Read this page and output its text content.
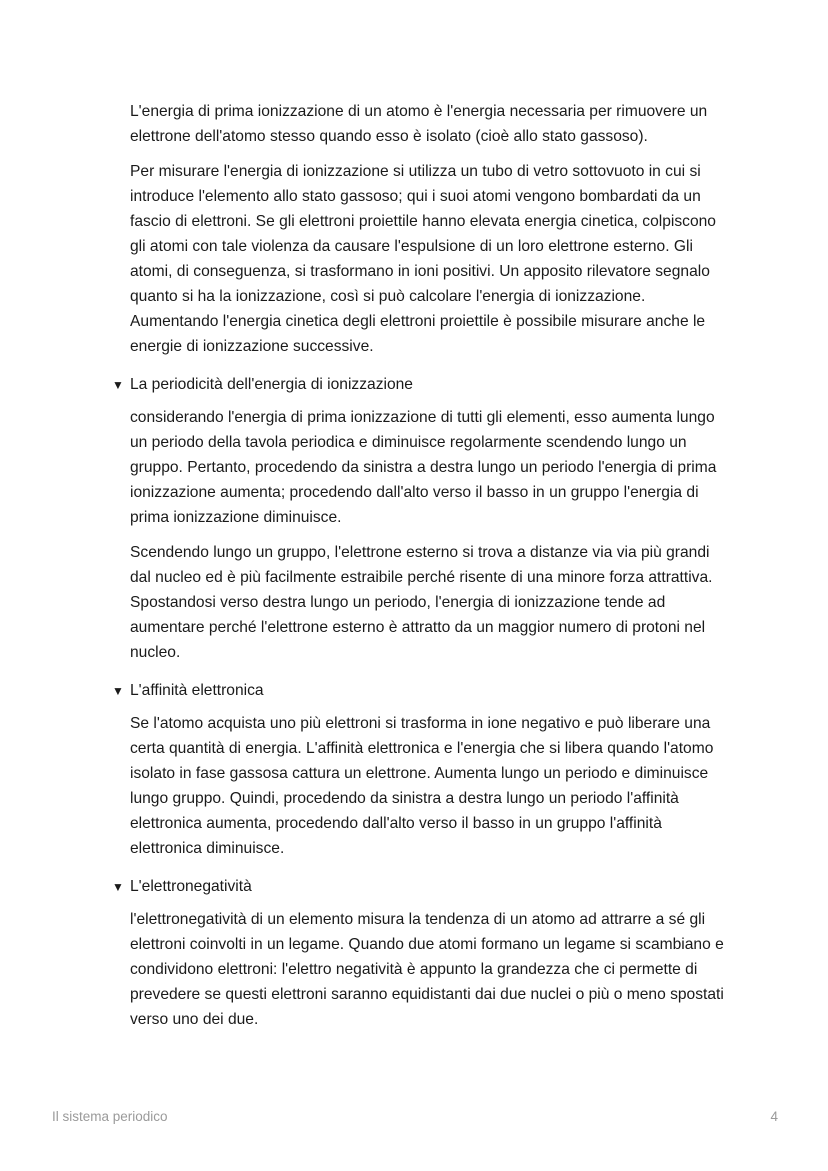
L'energia di prima ionizzazione di un atomo è l'energia necessaria per rimuovere un elettrone dell'atomo stesso quando esso è isolato (cioè allo stato gassoso).

Per misurare l'energia di ionizzazione si utilizza un tubo di vetro sottovuoto in cui si introduce l'elemento allo stato gassoso; qui i suoi atomi vengono bombardati da un fascio di elettroni. Se gli elettroni proiettile hanno elevata energia cinetica, colpiscono gli atomi con tale violenza da causare l'espulsione di un loro elettrone esterno. Gli atomi, di conseguenza, si trasformano in ioni positivi. Un apposito rilevatore segnalo quanto si ha la ionizzazione, così si può calcolare l'energia di ionizzazione. Aumentando l'energia cinetica degli elettroni proiettile è possibile misurare anche le energie di ionizzazione successive.

▼ La periodicità dell'energia di ionizzazione

considerando l'energia di prima ionizzazione di tutti gli elementi, esso aumenta lungo un periodo della tavola periodica e diminuisce regolarmente scendendo lungo un gruppo. Pertanto, procedendo da sinistra a destra lungo un periodo l'energia di prima ionizzazione aumenta; procedendo dall'alto verso il basso in un gruppo l'energia di prima ionizzazione diminuisce.

Scendendo lungo un gruppo, l'elettrone esterno si trova a distanze via via più grandi dal nucleo ed è più facilmente estraibile perché risente di una minore forza attrattiva. Spostandosi verso destra lungo un periodo, l'energia di ionizzazione tende ad aumentare perché l'elettrone esterno è attratto da un maggior numero di protoni nel nucleo.

▼ L'affinità elettronica

Se l'atomo acquista uno più elettroni si trasforma in ione negativo e può liberare una certa quantità di energia. L'affinità elettronica e l'energia che si libera quando l'atomo isolato in fase gassosa cattura un elettrone. Aumenta lungo un periodo e diminuisce lungo gruppo. Quindi, procedendo da sinistra a destra lungo un periodo l'affinità elettronica aumenta, procedendo dall'alto verso il basso in un gruppo l'affinità elettronica diminuisce.

▼ L'elettronegatività

l'elettronegatività di un elemento misura la tendenza di un atomo ad attrarre a sé gli elettroni coinvolti in un legame. Quando due atomi formano un legame si scambiano e condividono elettroni: l'elettro negatività è appunto la grandezza che ci permette di prevedere se questi elettroni saranno equidistanti dai due nuclei o più o meno spostati verso uno dei due.

Il sistema periodico	4
